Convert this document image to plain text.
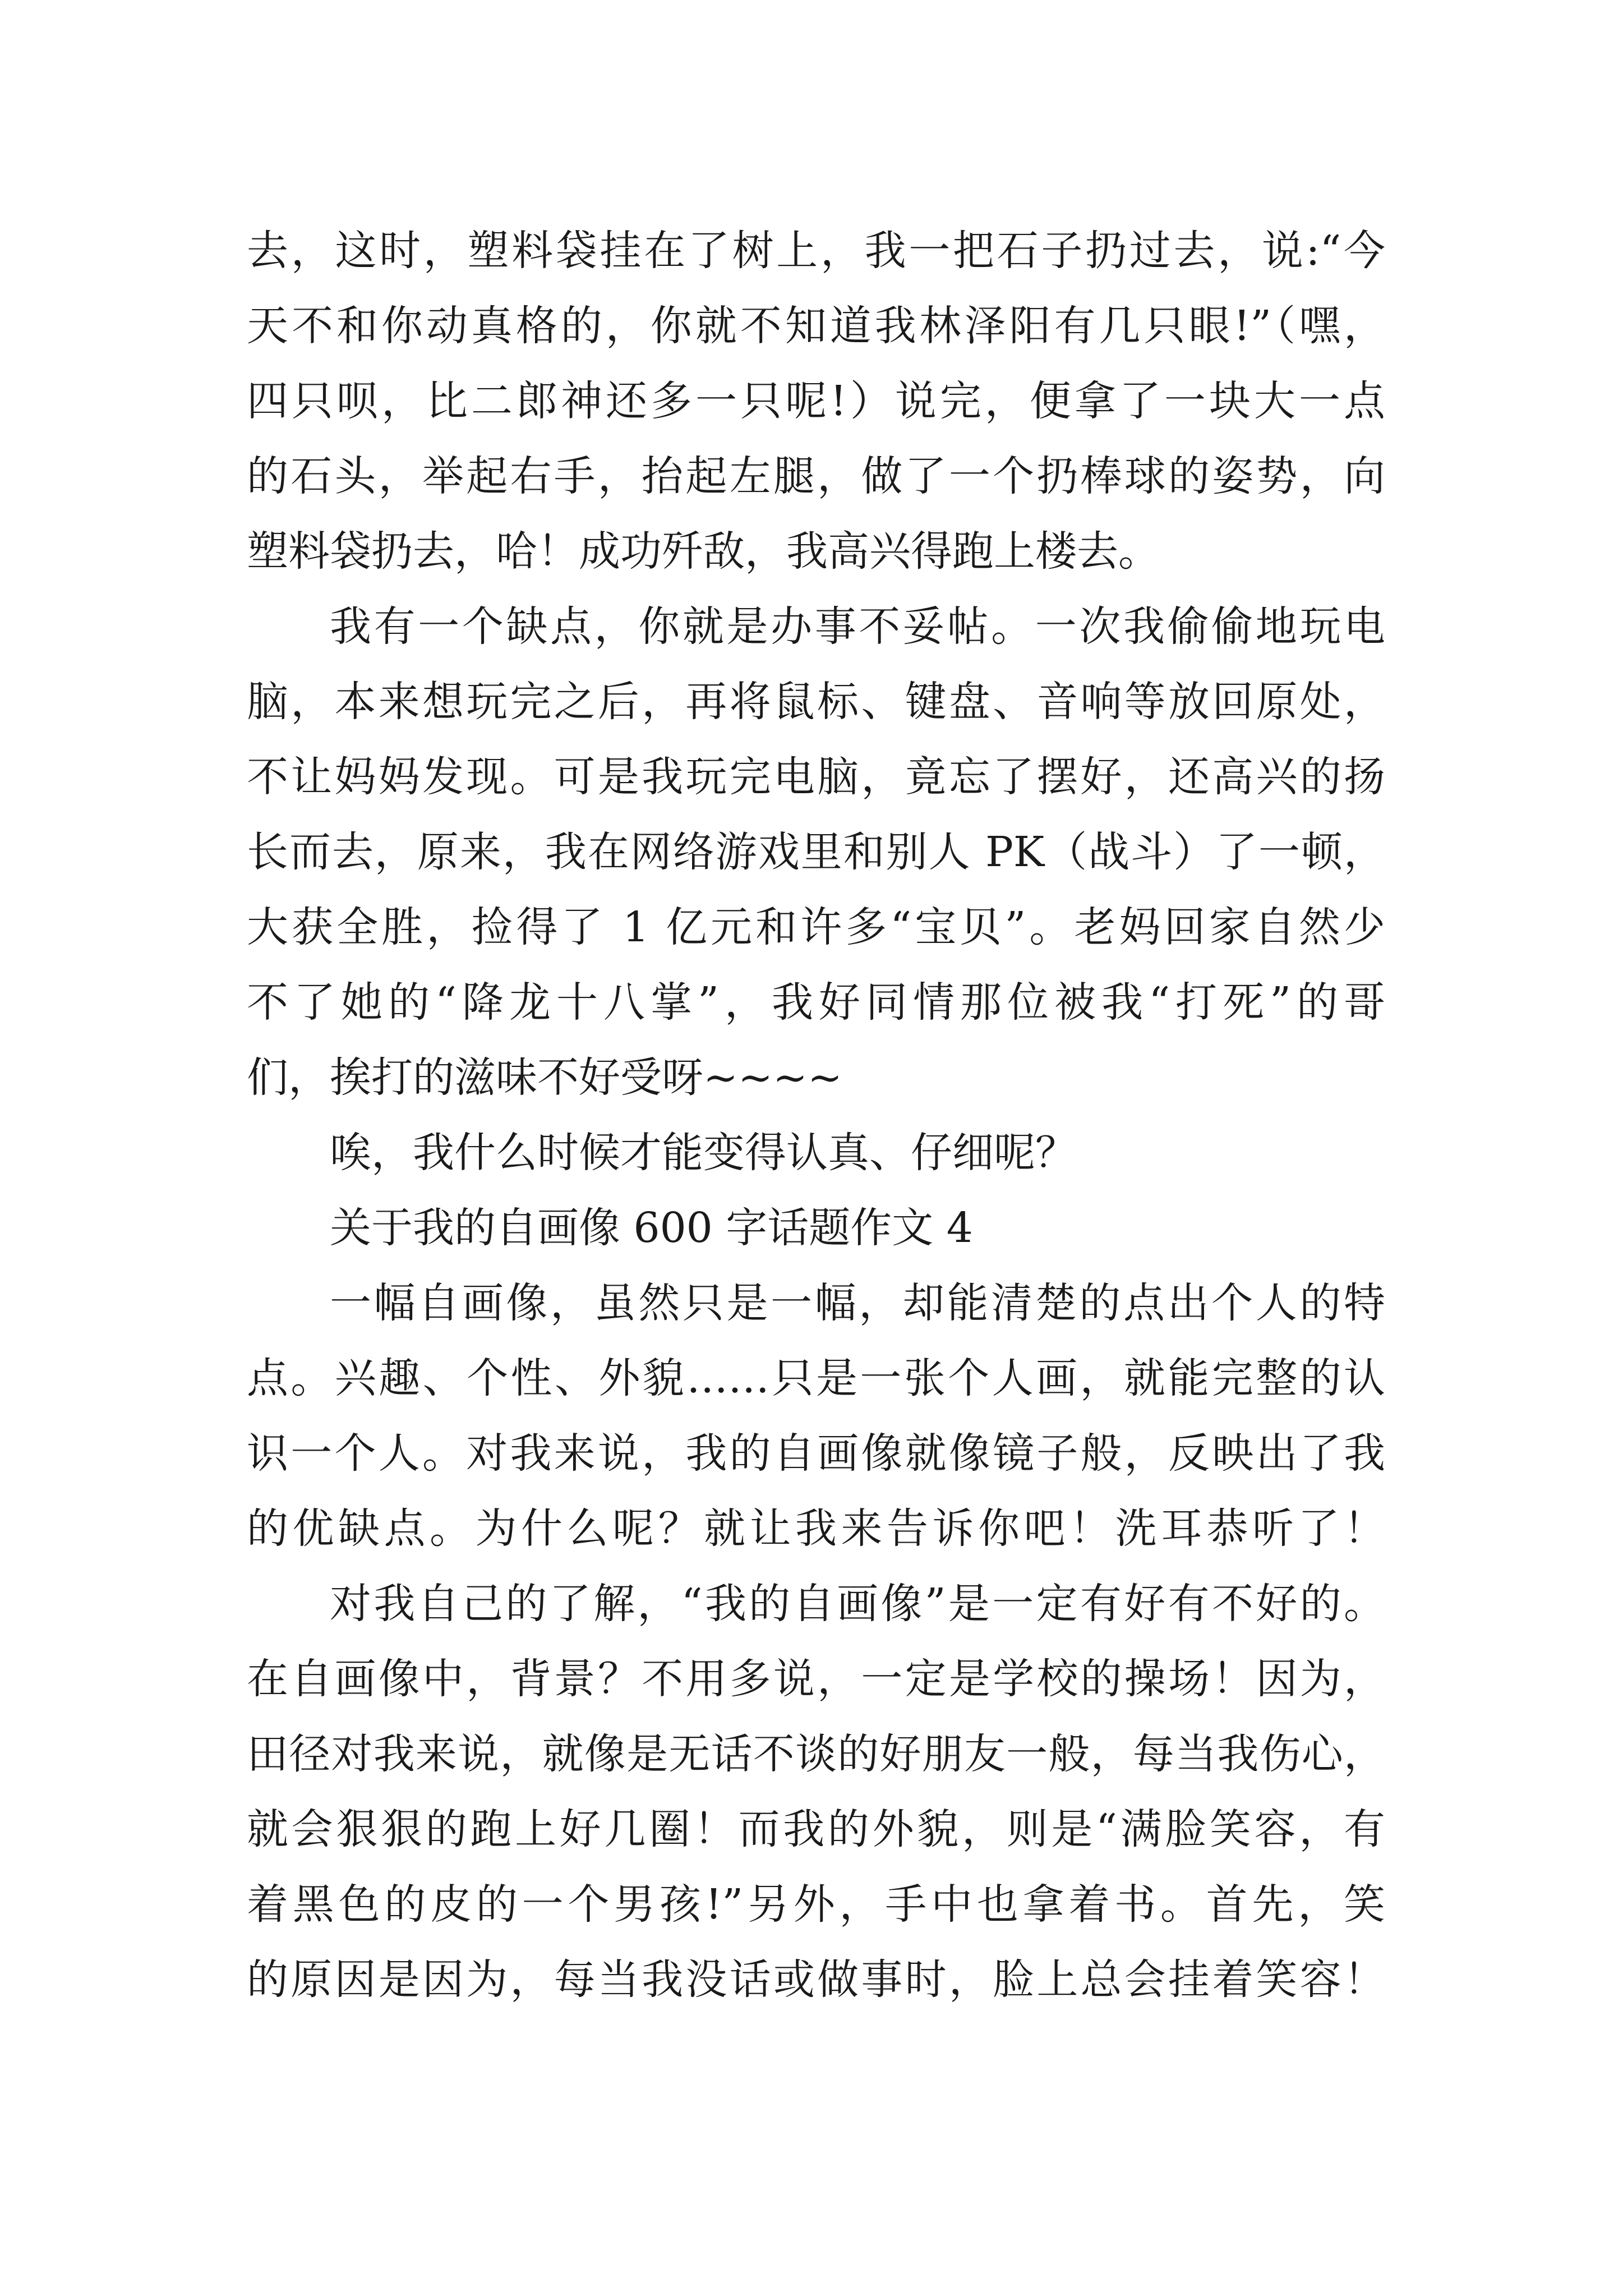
去，这时，塑料袋挂在了树上，我一把石子扔过去，说:“今
天不和你动真格的，你就不知道我林泽阳有几只眼!”（嘿，
四只呗，比二郎神还多一只呢!）说完，便拿了一块大一点
的石头，举起右手，抬起左腿，做了一个扔棒球的姿势，向
塑料袋扔去，哈！成功歼敌，我高兴得跑上楼去。
我有一个缺点，你就是办事不妥帖。一次我偷偷地玩电
脑，本来想玩完之后，再将鼠标、键盘、音响等放回原处，
不让妈妈发现。可是我玩完电脑，竟忘了摆好，还高兴的扬
长而去，原来，我在网络游戏里和别人 PK（战斗）了一顿，
大获全胜，捡得了 1 亿元和许多“宝贝”。老妈回家自然少
不了她的“降龙十八掌”，我好同情那位被我“打死”的哥
们，挨打的滋味不好受呀~~~~
唉，我什么时候才能变得认真、仔细呢？
关于我的自画像 600 字话题作文 4
一幅自画像，虽然只是一幅，却能清楚的点出个人的特
点。兴趣、个性、外貌……只是一张个人画，就能完整的认
识一个人。对我来说，我的自画像就像镜子般，反映出了我
的优缺点。为什么呢？就让我来告诉你吧！洗耳恭听了！
对我自己的了解，“我的自画像”是一定有好有不好的。
在自画像中，背景？不用多说，一定是学校的操场！因为，
田径对我来说，就像是无话不谈的好朋友一般，每当我伤心，
就会狠狠的跑上好几圈！而我的外貌，则是“满脸笑容，有
着黑色的皮的一个男孩!”另外，手中也拿着书。首先，笑
的原因是因为，每当我没话或做事时，脸上总会挂着笑容！
